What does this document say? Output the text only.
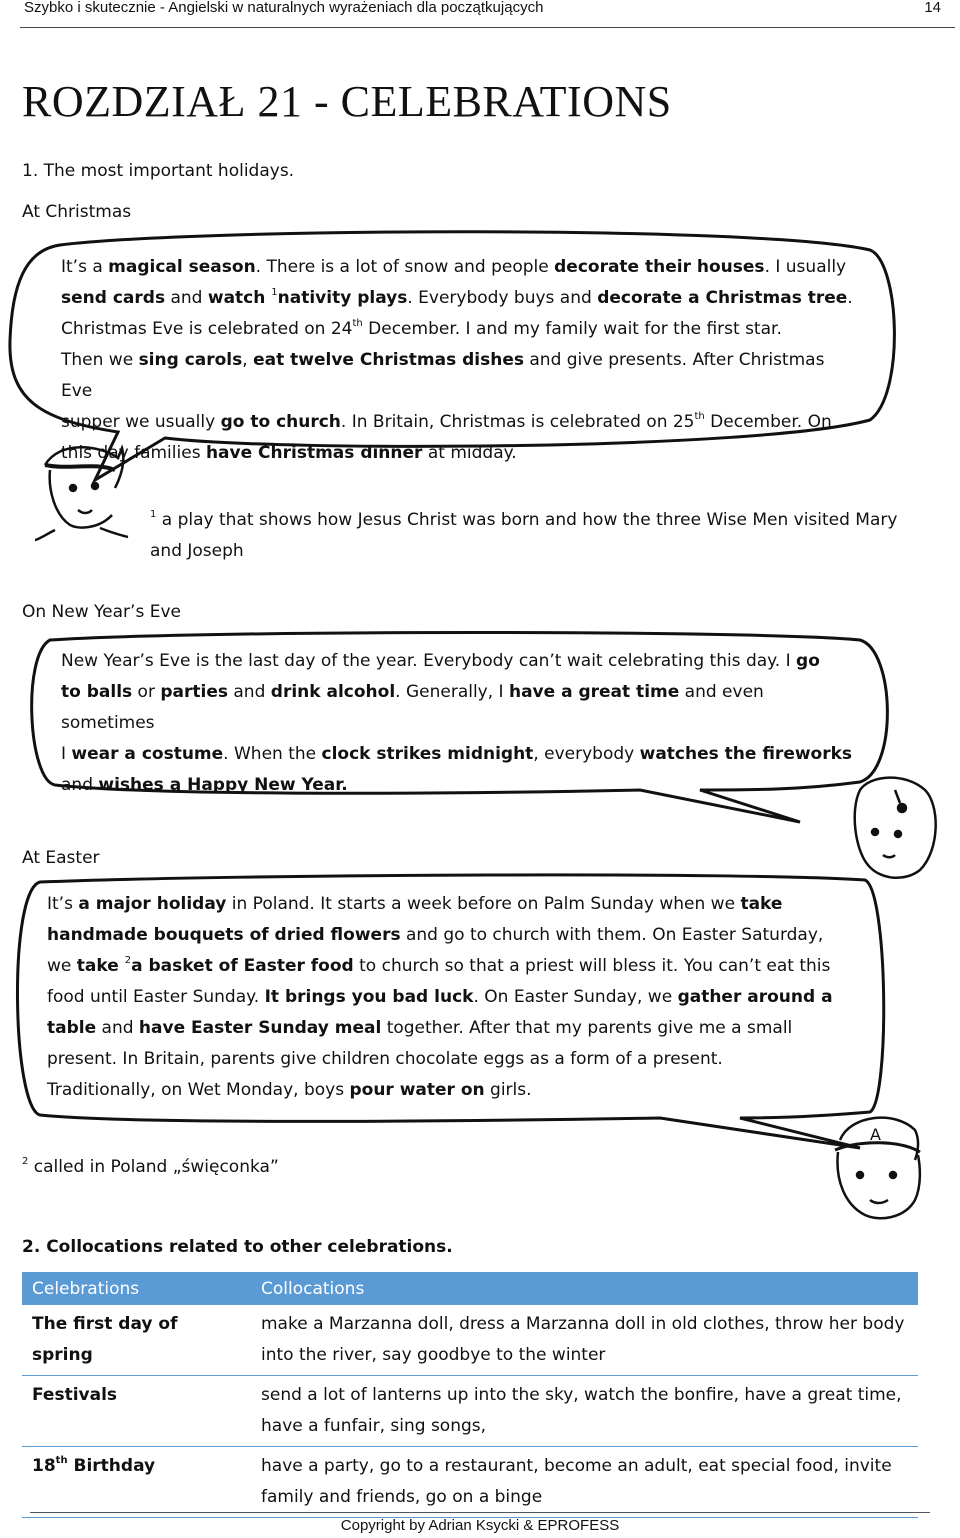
Szybko i skutecznie - Angielski w naturalnych wyrażeniach dla początkujących	14
ROZDZIAŁ 21 - CELEBRATIONS
1. The most important holidays.
At Christmas
A
It’s a magical season. There is a lot of snow and people decorate their houses. I usually
send cards and watch $^1$nativity plays. Everybody buys and decorate a Christmas tree.
Christmas Eve is celebrated on 24th December. I and my family wait for the first star.
Then we sing carols, eat twelve Christmas dishes and give presents. After Christmas Eve
supper we usually go to church. In Britain, Christmas is celebrated on 25th December. On
this day families have Christmas dinner at midday.
$^1$ a play that shows how Jesus Christ was born and how the three Wise Men visited Mary
and Joseph
On New Year’s Eve
New Year’s Eve is the last day of the year. Everybody can’t wait celebrating this day. I go
to balls or parties and drink alcohol. Generally, I have a great time and even sometimes
I wear a costume. When the clock strikes midnight, everybody watches the fireworks
and wishes a Happy New Year.
At Easter
It’s a major holiday in Poland. It starts a week before on Palm Sunday when we take
handmade bouquets of dried flowers and go to church with them. On Easter Saturday,
we take $^2$a basket of Easter food to church so that a priest will bless it. You can’t eat this
food until Easter Sunday. It brings you bad luck. On Easter Sunday, we gather around a
table and have Easter Sunday meal together. After that my parents give me a small
present. In Britain, parents give children chocolate eggs as a form of a present.
Traditionally, on Wet Monday, boys pour water on girls.
$^2$ called in Poland „święconka”
2. Collocations related to other celebrations.
Celebrations	Collocations
The first day of spring	make a Marzanna doll, dress a Marzanna doll in old clothes, throw her body into the river, say goodbye to the winter
Festivals	send a lot of lanterns up into the sky, watch the bonfire, have a great time, have a funfair, sing songs,
18th Birthday	have a party, go to a restaurant, become an adult, eat special food, invite family and friends, go on a binge
Copyright by Adrian Ksycki & EPROFESS
